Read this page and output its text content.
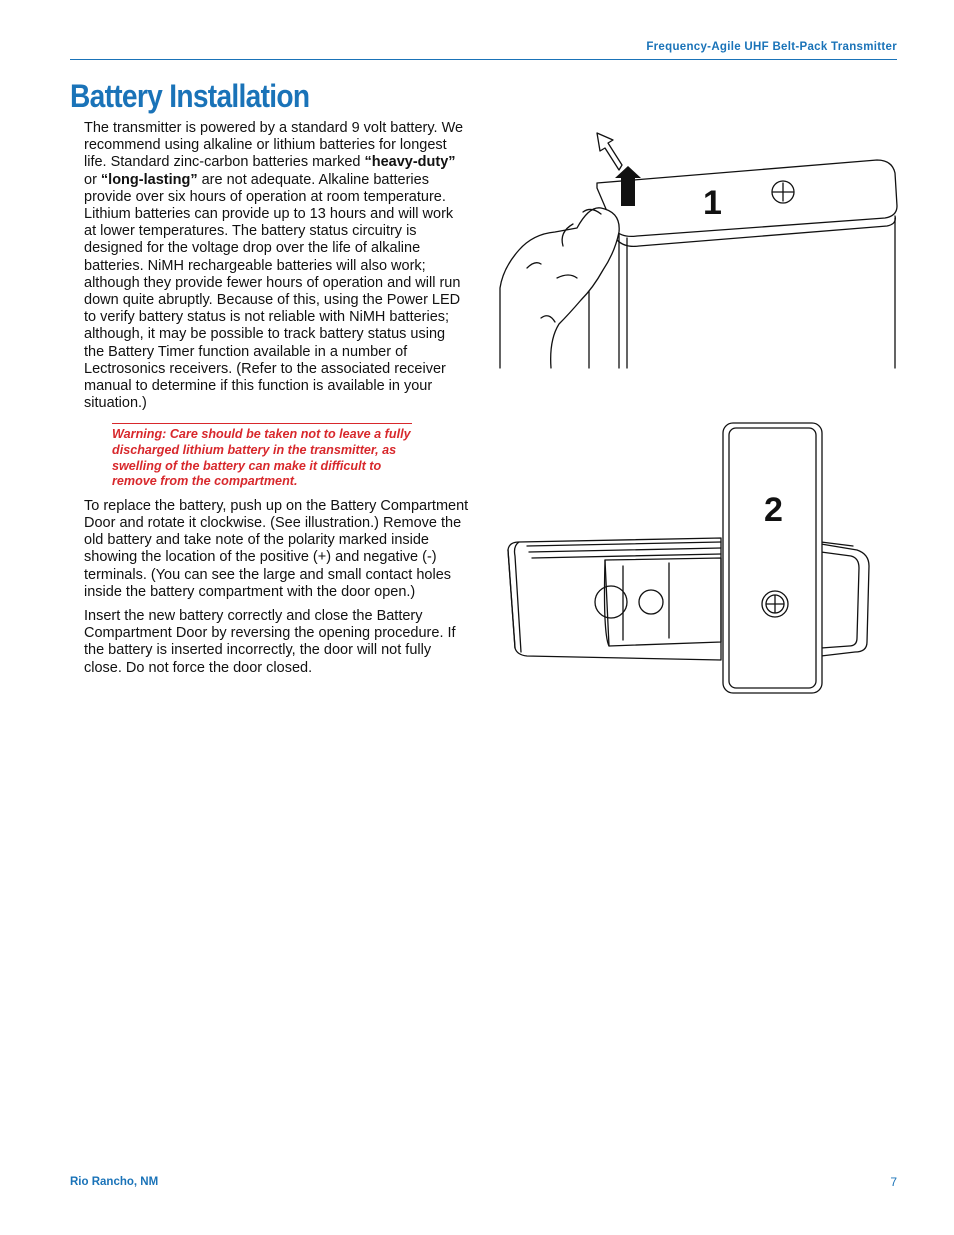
Frequency-Agile UHF Belt-Pack Transmitter
Battery Installation

The transmitter is powered by a standard 9 volt battery. We recommend using alkaline or lithium batteries for longest life. Standard zinc-carbon batteries marked “heavy-duty” or “long-lasting” are not adequate. Alkaline batteries provide over six hours of operation at room temperature. Lithium batteries can provide up to 13 hours and will work at lower temperatures. The battery status circuitry is designed for the voltage drop over the life of alkaline batteries. NiMH rechargeable batteries will also work; although they provide fewer hours of operation and will run down quite abruptly. Because of this, using the Power LED to verify battery status is not reliable with NiMH batteries; although, it may be possible to track battery status using the Battery Timer function available in a number of Lectrosonics receivers. (Refer to the associated receiver manual to determine if this function is available in your situation.)

Warning: Care should be taken not to leave a fully discharged lithium battery in the transmitter, as swelling of the battery can make it difficult to remove from the compartment.

To replace the battery, push up on the Battery Compartment Door and rotate it clockwise. (See illustration.) Remove the old battery and take note of the polarity marked inside showing the location of the positive (+) and negative (-) terminals. (You can see the large and small contact holes inside the battery compartment with the door open.)

Insert the new battery correctly and close the Battery Compartment Door by reversing the opening procedure. If the battery is inserted incorrectly, the door will not fully close. Do not force the door closed.

1
2
Rio Rancho, NM	7
